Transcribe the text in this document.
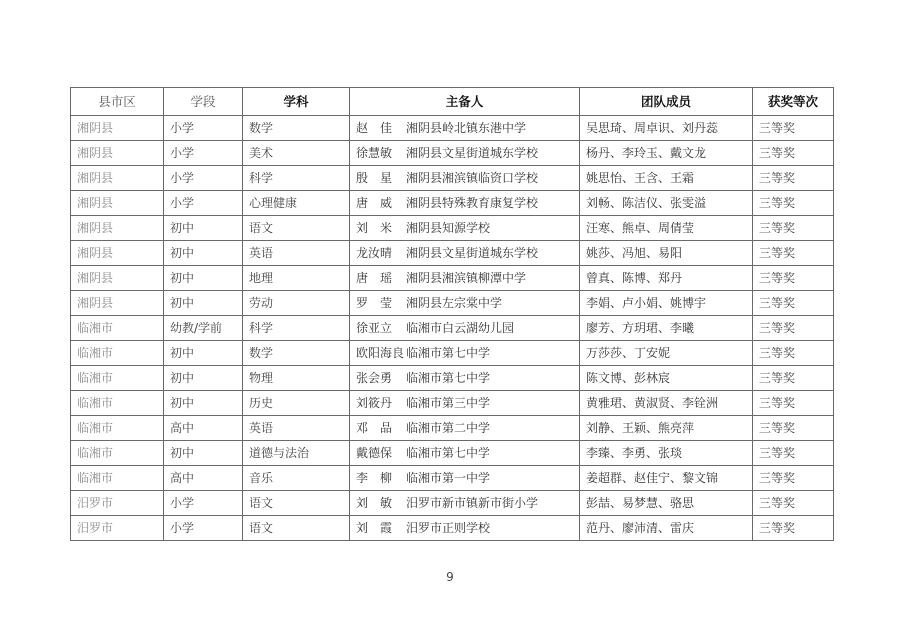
县市区	学段	学科	主备人	团队成员	获奖等次
湘阴县	小学	数学	赵　佳 湘阴县岭北镇东港中学	吴思琦、周卓识、刘丹蕊	三等奖
湘阴县	小学	美术	徐慧敏 湘阴县文星街道城东学校	杨丹、李玲玉、戴文龙	三等奖
湘阴县	小学	科学	殷　星 湘阴县湘滨镇临资口学校	姚思怡、王含、王霜	三等奖
湘阴县	小学	心理健康	唐　威 湘阴县特殊教育康复学校	刘畅、陈洁仪、张雯溢	三等奖
湘阴县	初中	语文	刘　米 湘阴县知源学校	汪寒、熊卓、周倩莹	三等奖
湘阴县	初中	英语	龙汝晴 湘阴县文星街道城东学校	姚莎、冯旭、易阳	三等奖
湘阴县	初中	地理	唐　瑶 湘阴县湘滨镇柳潭中学	曾真、陈博、郑丹	三等奖
湘阴县	初中	劳动	罗　莹 湘阴县左宗棠中学	李娟、卢小娟、姚博宇	三等奖
临湘市	幼教/学前	科学	徐亚立 临湘市白云湖幼儿园	廖芳、方玥珺、李曦	三等奖
临湘市	初中	数学	欧阳海良 临湘市第七中学	万莎莎、丁安妮	三等奖
临湘市	初中	物理	张会勇 临湘市第七中学	陈文博、彭林宸	三等奖
临湘市	初中	历史	刘筱丹 临湘市第三中学	黄雅珺、黄淑贤、李铨洲	三等奖
临湘市	高中	英语	邓　品 临湘市第二中学	刘静、王颖、熊亮萍	三等奖
临湘市	初中	道德与法治	戴德保 临湘市第七中学	李臻、李勇、张琰	三等奖
临湘市	高中	音乐	李　柳 临湘市第一中学	姜超群、赵佳宁、黎文锦	三等奖
汨罗市	小学	语文	刘　敏 汨罗市新市镇新市街小学	彭喆、易梦慧、骆思	三等奖
汨罗市	小学	语文	刘　霞 汨罗市正则学校	范丹、廖沛清、雷庆	三等奖
9
